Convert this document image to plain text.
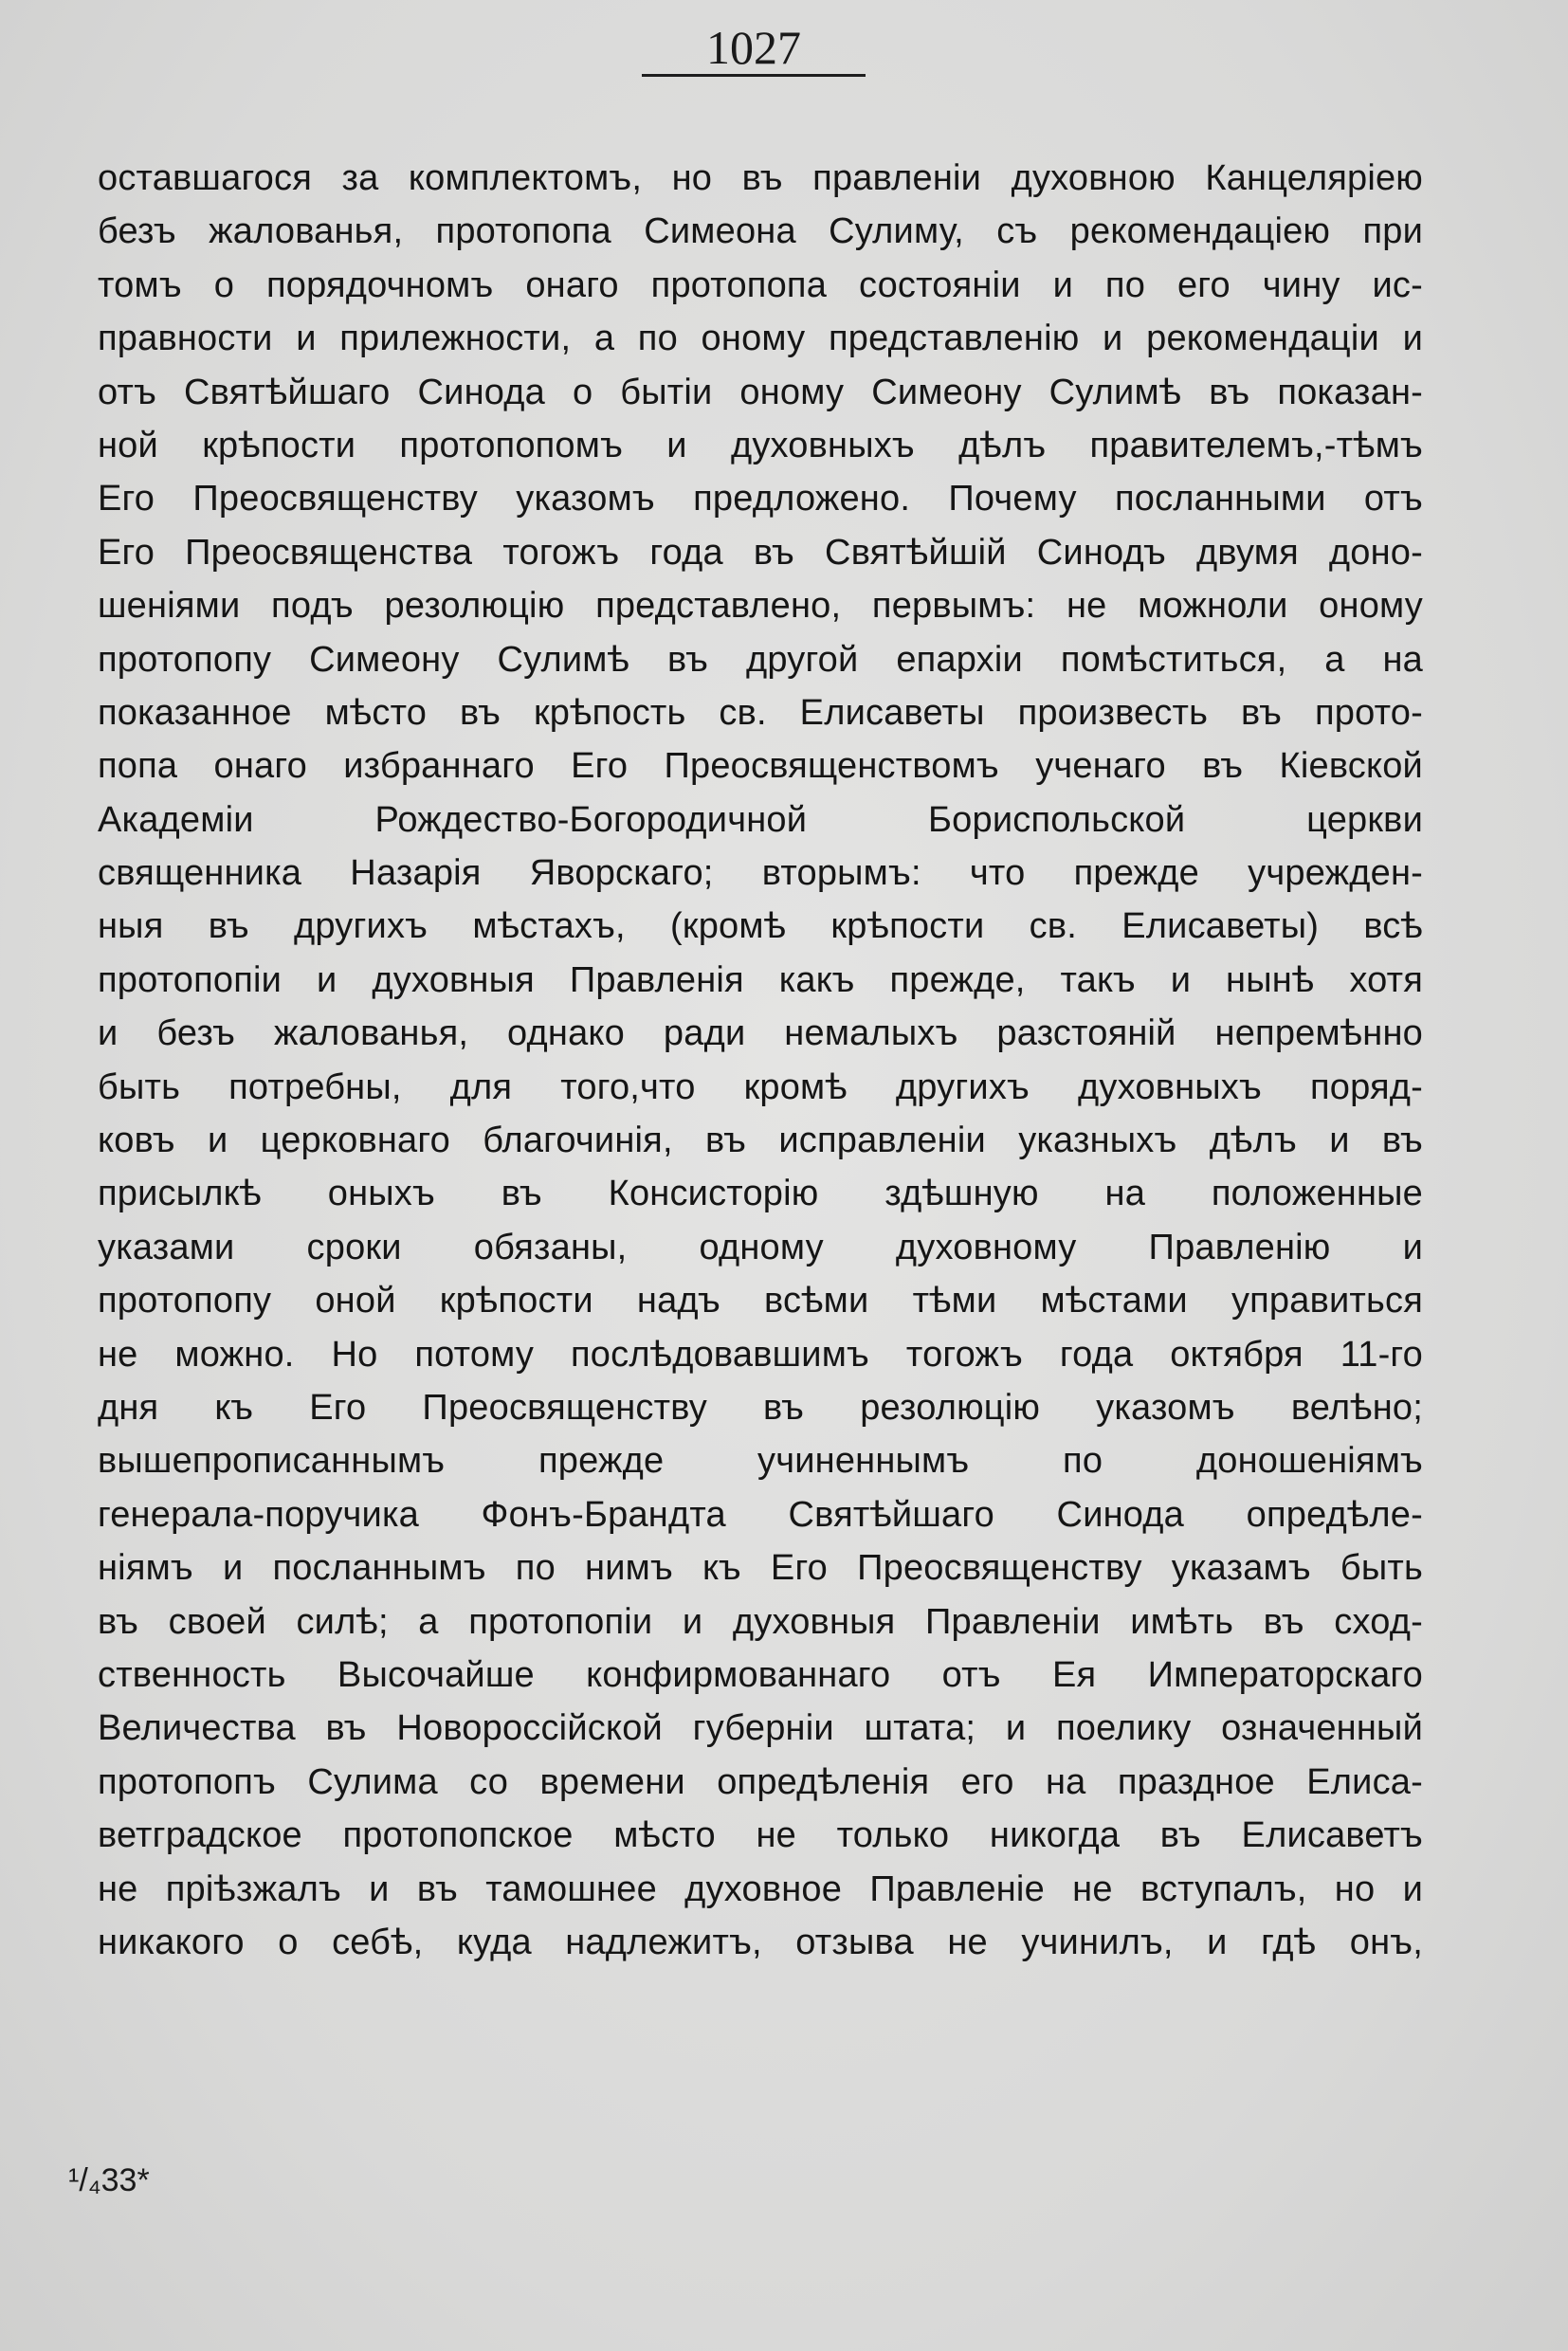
1027
оставшагося за комплектомъ, но въ правленіи духовною Канцеляріею
безъ жалованья, протопопа Симеона Сулиму, съ рекомендаціею при
томъ о порядочномъ онаго протопопа состояніи и по его чину ис-
правности и прилежности, а по оному представленію и рекомендаціи и
отъ Святѣйшаго Синода о бытіи оному Симеону Сулимѣ въ показан-
ной крѣпости протопопомъ и духовныхъ дѣлъ правителемъ,-тѣмъ
Его Преосвященству указомъ предложено. Почему посланными отъ
Его Преосвященства тогожъ года въ Святѣйшій Синодъ двумя доно-
шеніями подъ резолюцію представлено, первымъ: не можноли оному
протопопу Симеону Сулимѣ въ другой епархіи помѣститься, а на
показанное мѣсто въ крѣпость св. Елисаветы произвесть въ прото-
попа онаго избраннаго Его Преосвященствомъ ученаго въ Кіевской
Академіи Рождество-Богородичной Бориспольской церкви
священника Назарія Яворскаго; вторымъ: что прежде учрежден-
ныя въ другихъ мѣстахъ, (кромѣ крѣпости св. Елисаветы) всѣ
протопопіи и духовныя Правленія какъ прежде, такъ и нынѣ хотя
и безъ жалованья, однако ради немалыхъ разстояній непремѣнно
быть потребны, для того,что кромѣ другихъ духовныхъ поряд-
ковъ и церковнаго благочинія, въ исправленіи указныхъ дѣлъ и въ
присылкѣ оныхъ въ Консисторію здѣшную на положенные
указами сроки обязаны, одному духовному Правленію и
протопопу оной крѣпости надъ всѣми тѣми мѣстами управиться
не можно. Но потому послѣдовавшимъ тогожъ года октября 11-го
дня къ Его Преосвященству въ резолюцію указомъ велѣно;
вышепрописаннымъ прежде учиненнымъ по доношеніямъ
генерала-поручика Фонъ-Брандта Святѣйшаго Синода опредѣле-
ніямъ и посланнымъ по нимъ къ Его Преосвященству указамъ быть
въ своей силѣ; а протопопіи и духовныя Правленіи имѣть въ сход-
ственность Высочайше конфирмованнаго отъ Ея Императорскаго
Величества въ Новороссійской губерніи штата; и поелику означенный
протопопъ Сулима со времени опредѣленія его на праздное Елиса-
ветградское протопопское мѣсто не только никогда въ Елисаветъ
не пріѣзжалъ и въ тамошнее духовное Правленіе не вступалъ, но и
никакого о себѣ, куда надлежитъ, отзыва не учинилъ, и гдѣ онъ,
¹/₄33*
